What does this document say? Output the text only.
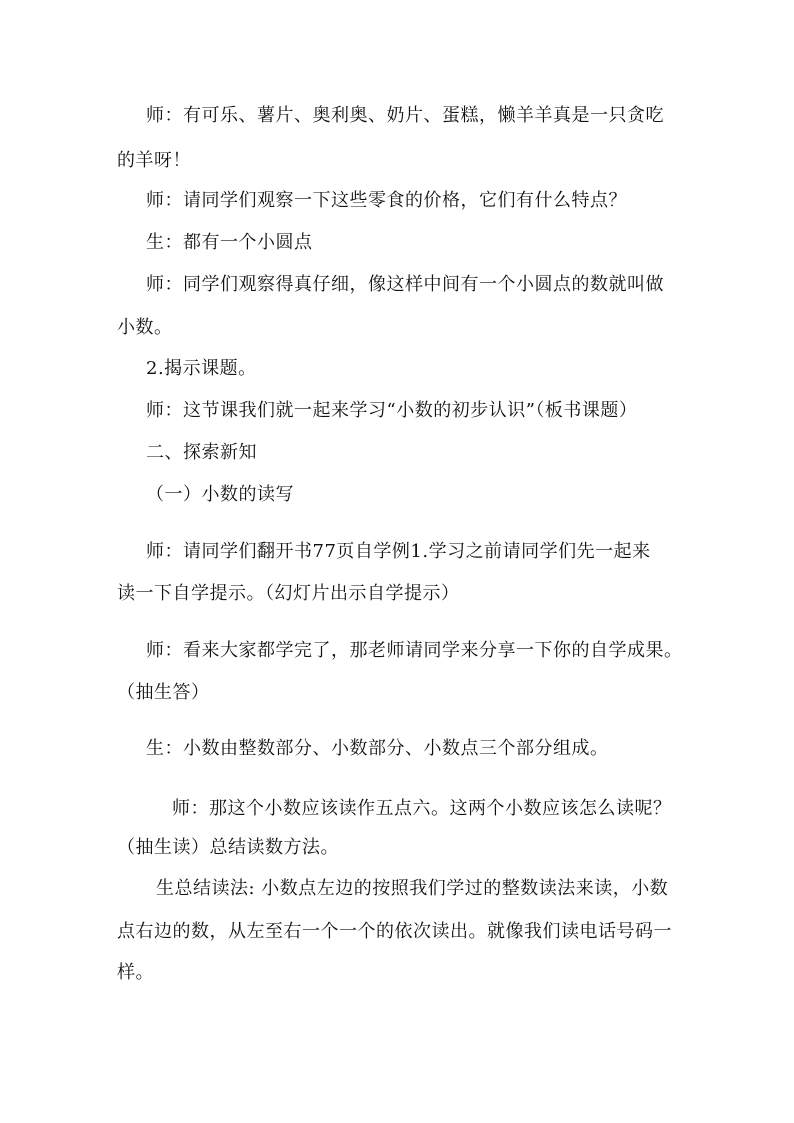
师：有可乐、薯片、奥利奥、奶片、蛋糕，懒羊羊真是一只贪吃
的羊呀！
师：请同学们观察一下这些零食的价格，它们有什么特点？
生：都有一个小圆点
师：同学们观察得真仔细，像这样中间有一个小圆点的数就叫做
小数。
2.揭示课题。
师：这节课我们就一起来学习“小数的初步认识”（板书课题）
二、探索新知
（一）小数的读写
师：请同学们翻开书77页自学例1.学习之前请同学们先一起来
读一下自学提示。（幻灯片出示自学提示）
师：看来大家都学完了，那老师请同学来分享一下你的自学成果。
（抽生答）
生：小数由整数部分、小数部分、小数点三个部分组成。
师：那这个小数应该读作五点六。这两个小数应该怎么读呢？
（抽生读）总结读数方法。
生总结读法: 小数点左边的按照我们学过的整数读法来读，小数
点右边的数，从左至右一个一个的依次读出。就像我们读电话号码一
样。
